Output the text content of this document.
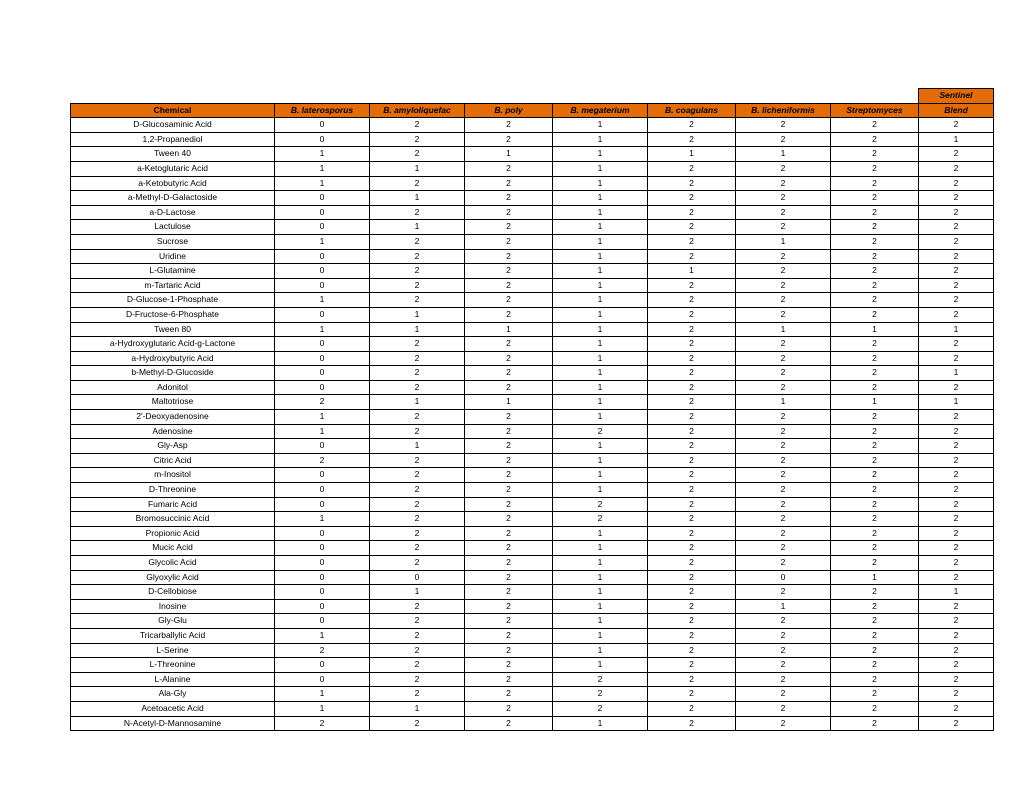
								Sentinel
Chemical	B. laterosporus	B. amyloliquefac	B. poly	B. megaterium	B. coagulans	B. licheniformis	Streptomyces	Blend
D-Glucosaminic Acid	0	2	2	1	2	2	2	2
1,2-Propanediol	0	2	2	1	2	2	2	1
Tween 40	1	2	1	1	1	1	2	2
a-Ketoglutaric Acid	1	1	2	1	2	2	2	2
a-Ketobutyric Acid	1	2	2	1	2	2	2	2
a-Methyl-D-Galactoside	0	1	2	1	2	2	2	2
a-D-Lactose	0	2	2	1	2	2	2	2
Lactulose	0	1	2	1	2	2	2	2
Sucrose	1	2	2	1	2	1	2	2
Uridine	0	2	2	1	2	2	2	2
L-Glutamine	0	2	2	1	1	2	2	2
m-Tartaric Acid	0	2	2	1	2	2	2	2
D-Glucose-1-Phosphate	1	2	2	1	2	2	2	2
D-Fructose-6-Phosphate	0	1	2	1	2	2	2	2
Tween 80	1	1	1	1	2	1	1	1
a-Hydroxyglutaric Acid-g-Lactone	0	2	2	1	2	2	2	2
a-Hydroxybutyric Acid	0	2	2	1	2	2	2	2
b-Methyl-D-Glucoside	0	2	2	1	2	2	2	1
Adonitol	0	2	2	1	2	2	2	2
Maltotriose	2	1	1	1	2	1	1	1
2'-Deoxyadenosine	1	2	2	1	2	2	2	2
Adenosine	1	2	2	2	2	2	2	2
Gly-Asp	0	1	2	1	2	2	2	2
Citric Acid	2	2	2	1	2	2	2	2
m-Inositol	0	2	2	1	2	2	2	2
D-Threonine	0	2	2	1	2	2	2	2
Fumaric Acid	0	2	2	2	2	2	2	2
Bromosuccinic Acid	1	2	2	2	2	2	2	2
Propionic Acid	0	2	2	1	2	2	2	2
Mucic Acid	0	2	2	1	2	2	2	2
Glycolic Acid	0	2	2	1	2	2	2	2
Glyoxylic Acid	0	0	2	1	2	0	1	2
D-Cellobiose	0	1	2	1	2	2	2	1
Inosine	0	2	2	1	2	1	2	2
Gly-Glu	0	2	2	1	2	2	2	2
Tricarballylic Acid	1	2	2	1	2	2	2	2
L-Serine	2	2	2	1	2	2	2	2
L-Threonine	0	2	2	1	2	2	2	2
L-Alanine	0	2	2	2	2	2	2	2
Ala-Gly	1	2	2	2	2	2	2	2
Acetoacetic Acid	1	1	2	2	2	2	2	2
N-Acetyl-D-Mannosamine	2	2	2	1	2	2	2	2
